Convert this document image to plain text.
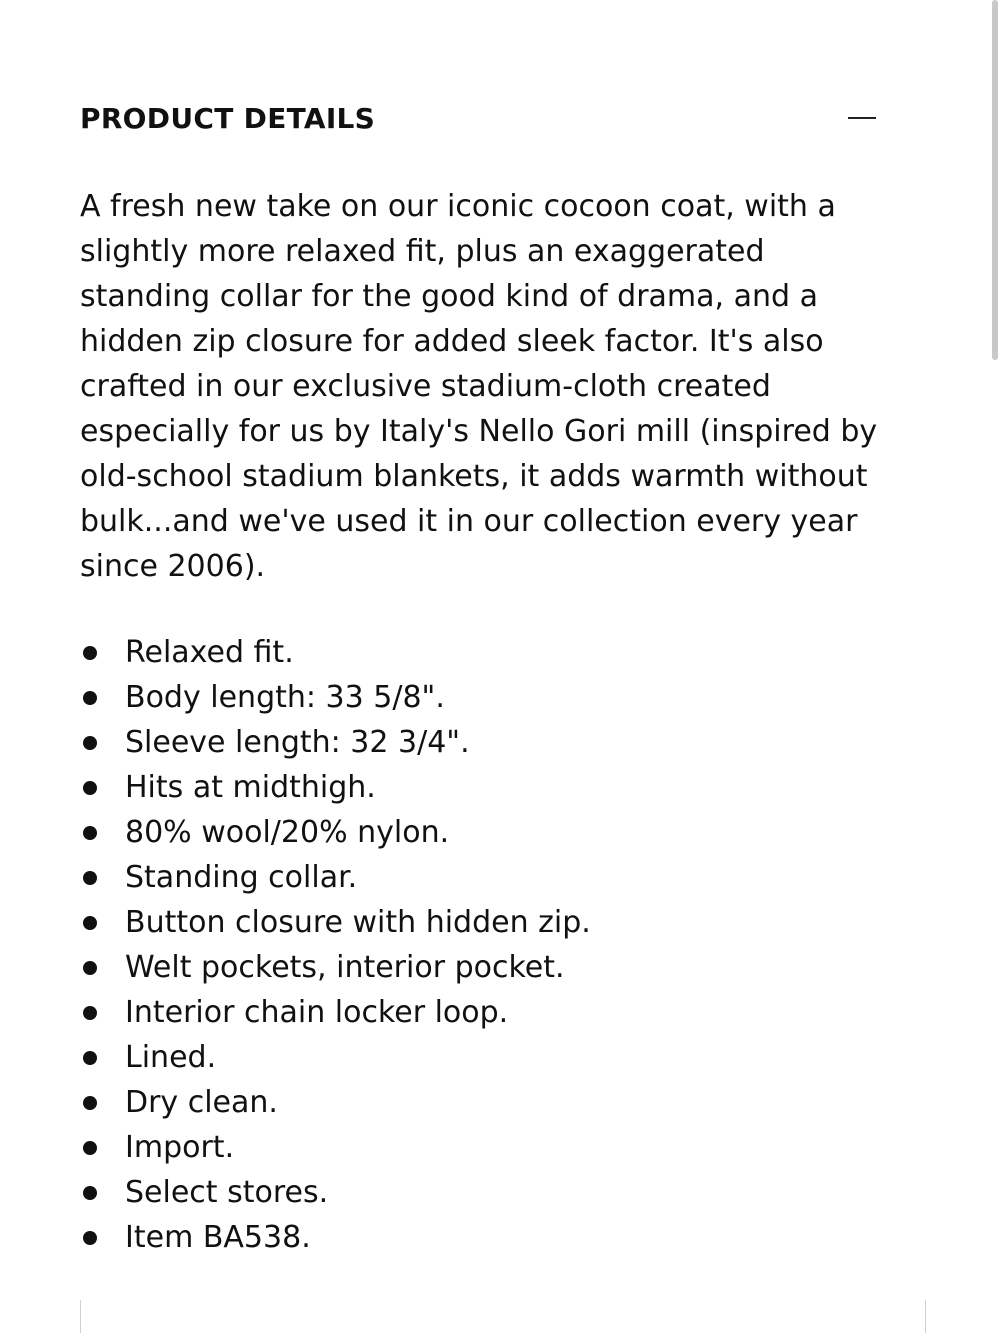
PRODUCT DETAILS

A fresh new take on our iconic cocoon coat, with a slightly more relaxed fit, plus an exaggerated standing collar for the good kind of drama, and a hidden zip closure for added sleek factor. It's also crafted in our exclusive stadium-cloth created especially for us by Italy's Nello Gori mill (inspired by old-school stadium blankets, it adds warmth without bulk...and we've used it in our collection every year since 2006).

Relaxed fit.
Body length: 33 5/8".
Sleeve length: 32 3/4".
Hits at midthigh.
80% wool/20% nylon.
Standing collar.
Button closure with hidden zip.
Welt pockets, interior pocket.
Interior chain locker loop.
Lined.
Dry clean.
Import.
Select stores.
Item BA538.
